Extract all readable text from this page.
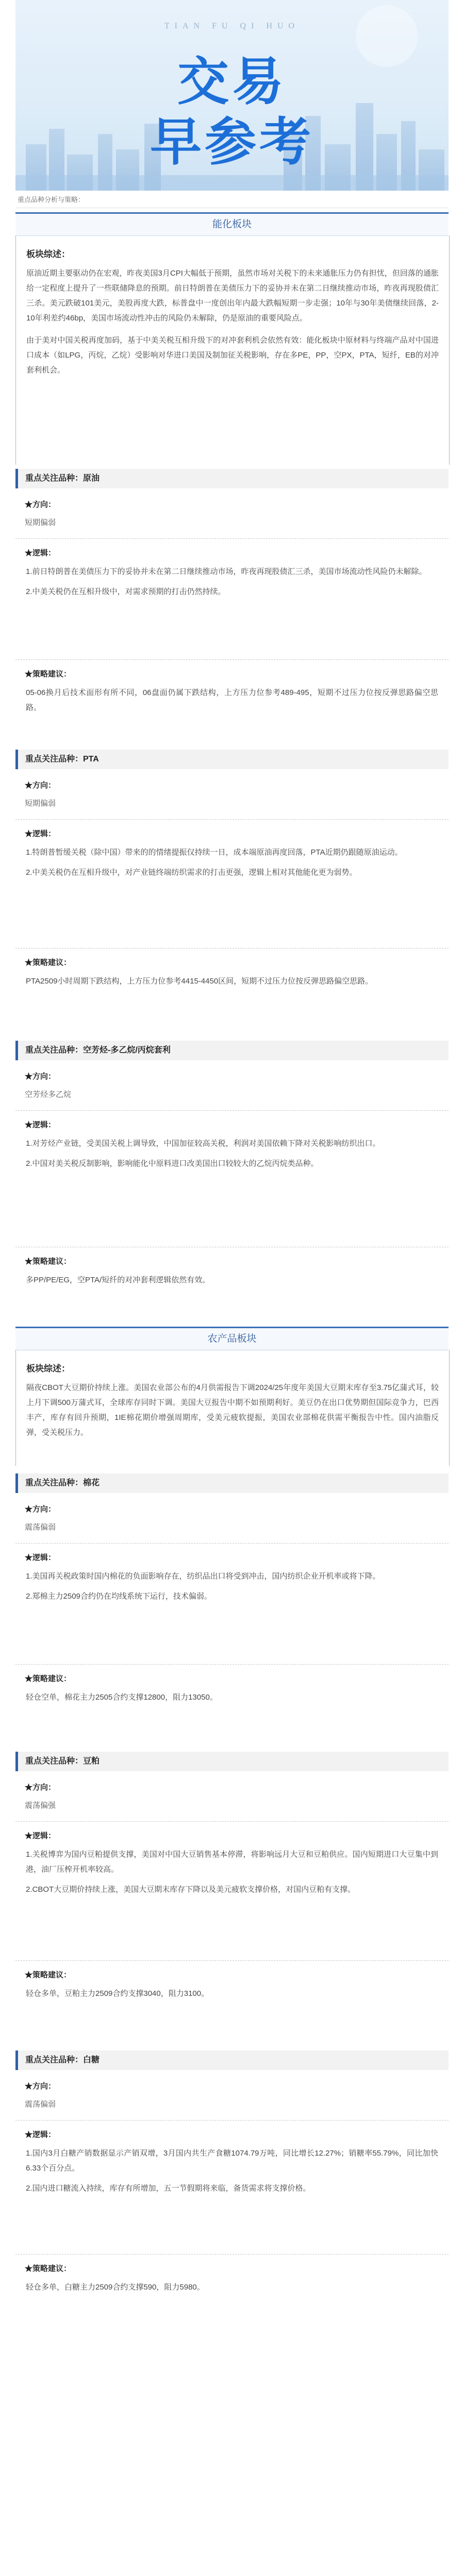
TIAN FU QI HUO
交易
早参考
重点品种分析与策略：
能化板块
板块综述：
原油近期主要驱动仍在宏观，昨夜美国3月CPI大幅低于预期，虽然市场对关税下的未来通胀压力仍有担忧，但回落的通胀给一定程度上提升了一些联储降息的预期。前日特朗普在美债压力下的妥协并未在第二日继续推动市场，昨夜再现股债汇三杀。美元跌破101美元，美股再度大跌，标普盘中一度创出年内最大跌幅短期一步走强；10年与30年美债继续回落，2-10年利差约46bp，美国市场流动性冲击的风险仍未解除，仍是原油的重要风险点。
由于美对中国关税再度加码，基于中美关税互相升级下的对冲套利机会依然有效：能化板块中原材料与终端产品对中国进口成本（如LPG，丙烷，乙烷）受影响对华进口美国及制加征关税影响，存在多PE，PP，空PX，PTA，短纤，EB的对冲套利机会。
重点关注品种：原油
★方向：
短期偏弱
★逻辑：
1.前日特朗普在美债压力下的妥协并未在第二日继续推动市场，昨夜再现股债汇三杀，美国市场流动性风险仍未解除。
2.中美关税仍在互相升级中，对需求预期的打击仍然持续。
★策略建议：
05-06换月后技术面形有所不同，06盘面仍属下跌结构，上方压力位参考489-495，短期不过压力位按反弹思路偏空思路。
重点关注品种：PTA
★方向：
短期偏弱
★逻辑：
1.特朗普暂缓关税（除中国）带来的的情绪提振仅持续一日，成本端原油再度回落，PTA近期仍跟随原油运动。
2.中美关税仍在互相升级中，对产业链终端纺织需求的打击更强，逻辑上相对其他能化更为弱势。
★策略建议：
PTA2509小时周期下跌结构，上方压力位参考4415-4450区间，短期不过压力位按反弹思路偏空思路。
重点关注品种：空芳烃-多乙烷/丙烷套利
★方向：
空芳烃多乙烷
★逻辑：
1.对芳烃产业链，受美国关税上调导致，中国加征较高关税，利润对美国依赖下降对关税影响纺织出口。
2.中国对美关税反制影响，影响能化中原料进口改美国出口较较大的乙烷丙烷类品种。
★策略建议：
多PP/PE/EG，空PTA/短纤的对冲套利逻辑依然有效。
农产品板块
板块综述：
隔夜CBOT大豆期价持续上涨。美国农业部公布的4月供需报告下调2024/25年度年美国大豆期末库存至3.75亿蒲式耳，较上月下调500万蒲式耳，全球库存同时下调。美国大豆报告中期不如预期利好。美豆仍在出口优势期但国际竞争力，巴西丰产，库存有回升预期，1IE棉花期价增强周期库，受美元疲软提振，美国农业部棉花供需平衡报告中性。国内油脂反弹，受关税压力。
重点关注品种：棉花
★方向：
震荡偏弱
★逻辑：
1.美国再关税政策时国内棉花的负面影响存在，纺织品出口将受到冲击，国内纺织企业开机率或将下降。
2.郑棉主力2509合约仍在均线系统下运行，技术偏弱。
★策略建议：
轻仓空单，棉花主力2505合约支撑12800，阻力13050。
重点关注品种：豆粕
★方向：
震荡偏强
★逻辑：
1.关税博弈为国内豆粕提供支撑，美国对中国大豆销售基本停滞，将影响远月大豆和豆粕供应。国内短期进口大豆集中到港，油厂压榨开机率较高。
2.CBOT大豆期价持续上涨，美国大豆期末库存下降以及美元疲软支撑价格，对国内豆粕有支撑。
★策略建议：
轻仓多单，豆粕主力2509合约支撑3040，阻力3100。
重点关注品种：白糖
★方向：
震荡偏弱
★逻辑：
1.国内3月白糖产销数据显示产销双增，3月国内共生产食糖1074.79万吨，同比增长12.27%；销糖率55.79%，同比加快6.33个百分点。
2.国内进口糖流入持续，库存有所增加，五一节假期将来临，备货需求将支撑价格。
★策略建议：
轻仓多单，白糖主力2509合约支撑590，阻力5980。
